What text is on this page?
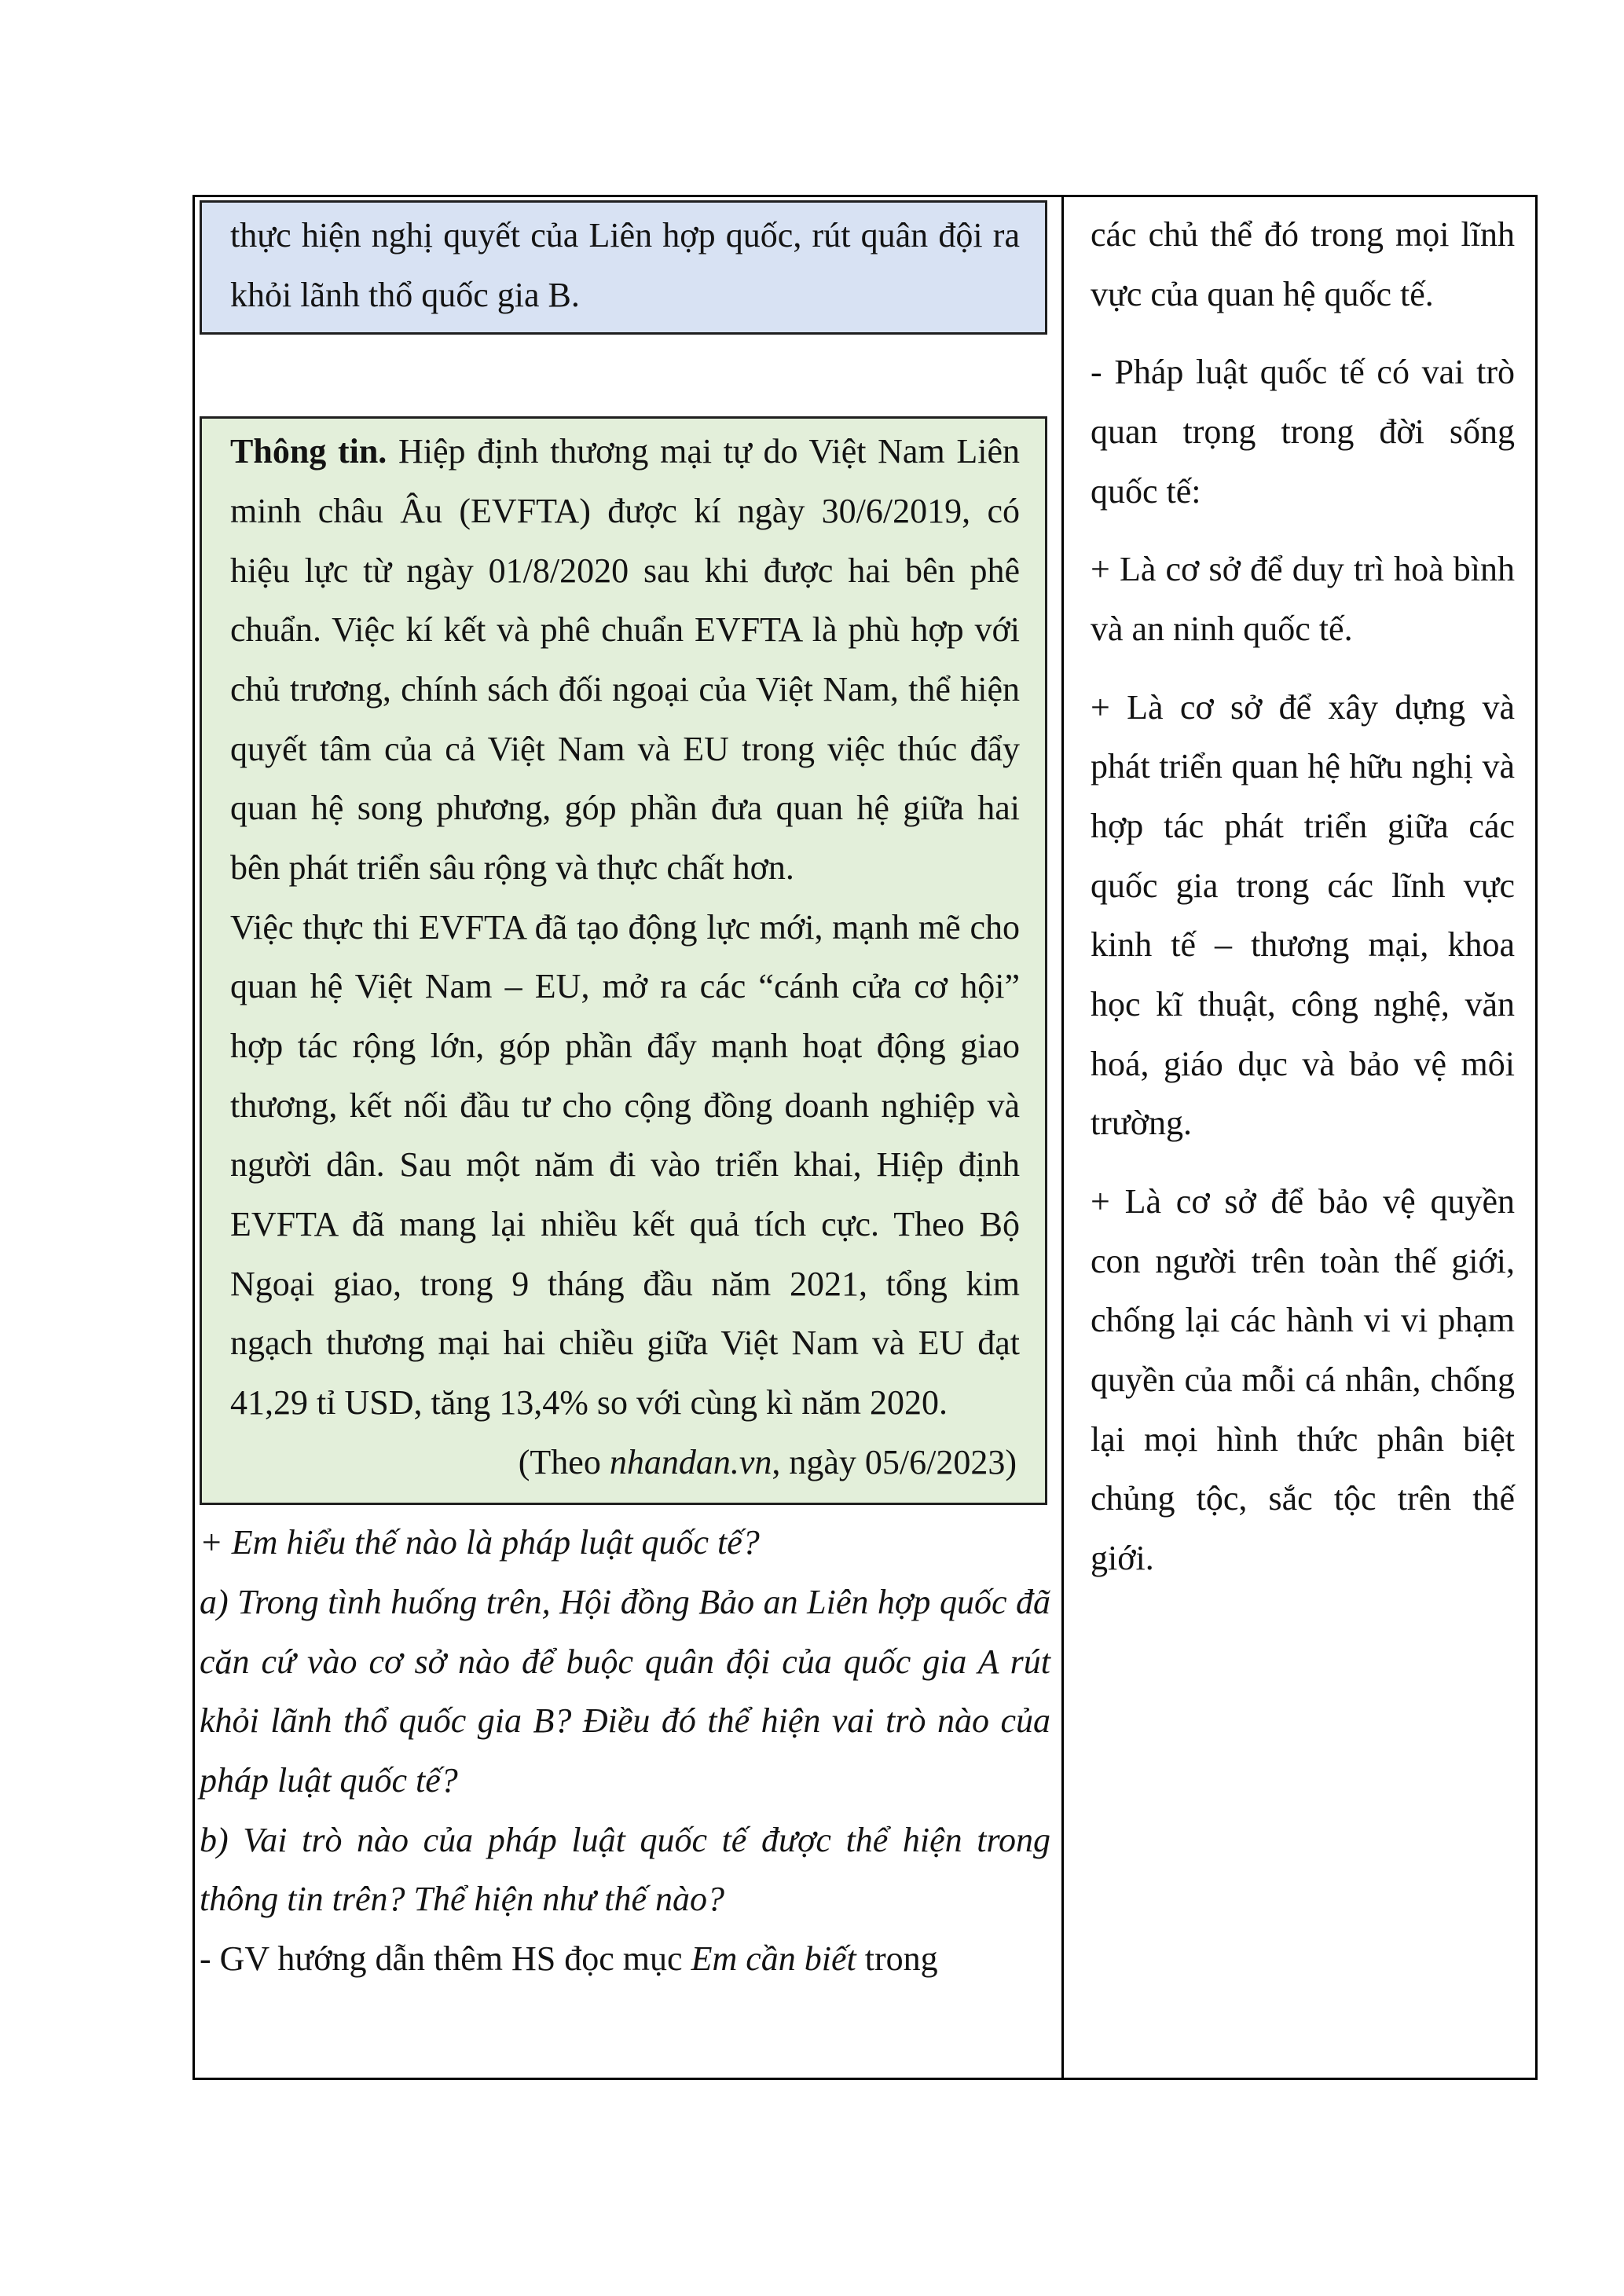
thực hiện nghị quyết của Liên hợp quốc, rút quân đội ra khỏi lãnh thổ quốc gia B.

Thông tin. Hiệp định thương mại tự do Việt Nam Liên minh châu Âu (EVFTA) được kí ngày 30/6/2019, có hiệu lực từ ngày 01/8/2020 sau khi được hai bên phê chuẩn. Việc kí kết và phê chuẩn EVFTA là phù hợp với chủ trương, chính sách đối ngoại của Việt Nam, thể hiện quyết tâm của cả Việt Nam và EU trong việc thúc đẩy quan hệ song phương, góp phần đưa quan hệ giữa hai bên phát triển sâu rộng và thực chất hơn.

Việc thực thi EVFTA đã tạo động lực mới, mạnh mẽ cho quan hệ Việt Nam – EU, mở ra các “cánh cửa cơ hội” hợp tác rộng lớn, góp phần đẩy mạnh hoạt động giao thương, kết nối đầu tư cho cộng đồng doanh nghiệp và người dân. Sau một năm đi vào triển khai, Hiệp định EVFTA đã mang lại nhiều kết quả tích cực. Theo Bộ Ngoại giao, trong 9 tháng đầu năm 2021, tổng kim ngạch thương mại hai chiều giữa Việt Nam và EU đạt 41,29 tỉ USD, tăng 13,4% so với cùng kì năm 2020.

(Theo nhandan.vn, ngày 05/6/2023)

+ Em hiểu thế nào là pháp luật quốc tế?

a) Trong tình huống trên, Hội đồng Bảo an Liên hợp quốc đã căn cứ vào cơ sở nào để buộc quân đội của quốc gia A rút khỏi lãnh thổ quốc gia B? Điều đó thể hiện vai trò nào của pháp luật quốc tế?

b) Vai trò nào của pháp luật quốc tế được thể hiện trong thông tin trên? Thể hiện như thế nào?

- GV hướng dẫn thêm HS đọc mục Em cần biết trong

các chủ thể đó trong mọi lĩnh vực của quan hệ quốc tế.

- Pháp luật quốc tế có vai trò quan trọng trong đời sống quốc tế:

+ Là cơ sở để duy trì hoà bình và an ninh quốc tế.

+ Là cơ sở để xây dựng và phát triển quan hệ hữu nghị và hợp tác phát triển giữa các quốc gia trong các lĩnh vực kinh tế – thương mại, khoa học kĩ thuật, công nghệ, văn hoá, giáo dục và bảo vệ môi trường.

+ Là cơ sở để bảo vệ quyền con người trên toàn thế giới, chống lại các hành vi vi phạm quyền của mỗi cá nhân, chống lại mọi hình thức phân biệt chủng tộc, sắc tộc trên thế giới.
